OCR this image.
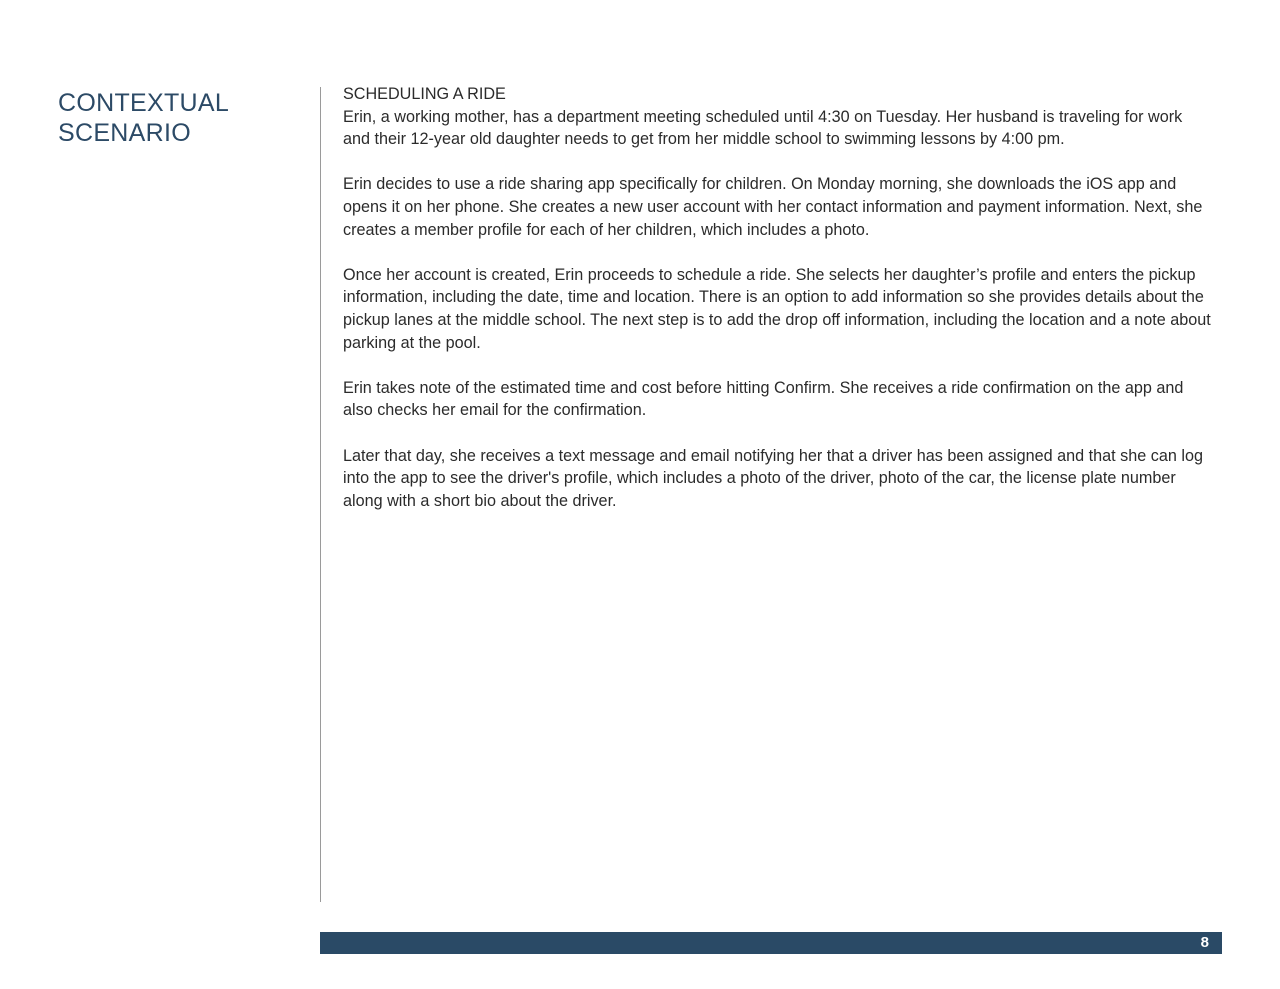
CONTEXTUAL
SCENARIO
SCHEDULING A RIDE

Erin, a working mother, has a department meeting scheduled until 4:30 on Tuesday. Her husband is traveling for work and their 12-year old daughter needs to get from her middle school to swimming lessons by 4:00 pm.

Erin decides to use a ride sharing app specifically for children. On Monday morning, she downloads the iOS app and opens it on her phone. She creates a new user account with her contact information and payment information. Next, she creates a member profile for each of her children, which includes a photo.

Once her account is created, Erin proceeds to schedule a ride. She selects her daughter’s profile and enters the pickup information, including the date, time and location. There is an option to add information so she provides details about the pickup lanes at the middle school. The next step is to add the drop off information, including the location and a note about parking at the pool.

Erin takes note of the estimated time and cost before hitting Confirm. She receives a ride confirmation on the app and also checks her email for the confirmation.

Later that day, she receives a text message and email notifying her that a driver has been assigned and that she can log into the app to see the driver's profile, which includes a photo of the driver, photo of the car, the license plate number along with a short bio about the driver.

8
